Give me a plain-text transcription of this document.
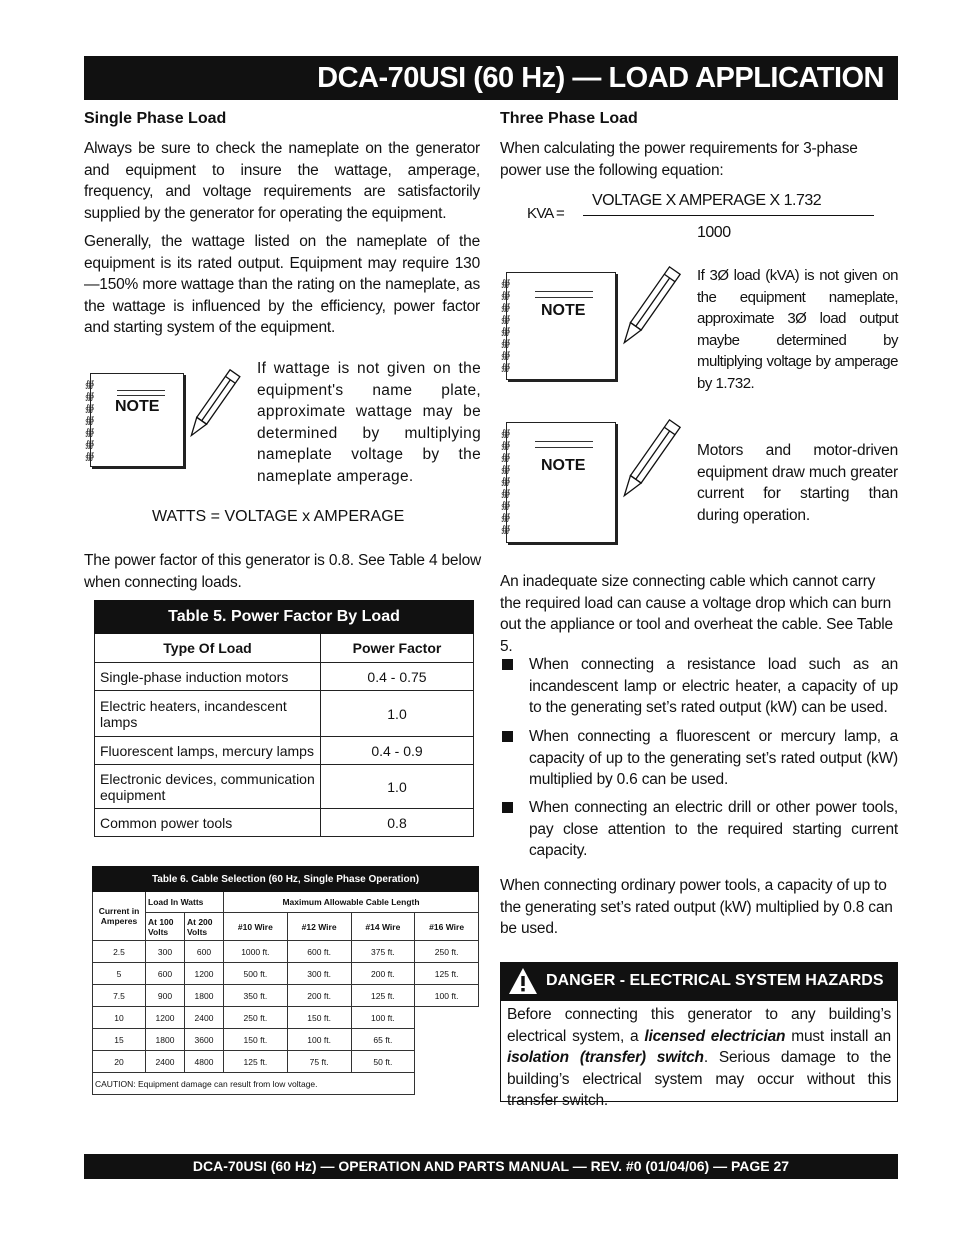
DCA-70USI (60 Hz) — LOAD APPLICATION
Single Phase Load
Always be sure to check the nameplate on the generator and equipment to insure the wattage, amperage, frequency, and voltage requirements are satisfactorily supplied by the generator for operating the equipment.
Generally, the wattage listed on the nameplate of the equipment is its rated output. Equipment may require 130—150% more wattage than the rating on the nameplate, as the wattage is influenced by the efficiency, power factor and starting system of the equipment.
∰
∰
∰
∰
∰
∰
∰
NOTE
If wattage is not given on the equipment's name plate, approximate wattage may be determined by multiplying nameplate voltage by the nameplate amperage.
WATTS = VOLTAGE x AMPERAGE
The power factor of this generator is 0.8. See Table 4 below when connecting loads.
Table 5. Power Factor By Load	
Type Of Load	Power Factor
Single-phase induction motors	0.4 - 0.75
Electric heaters, incandescent lamps	1.0
Fluorescent lamps, mercury lamps	0.4 - 0.9
Electronic devices, communication equipment	1.0
Common power tools	0.8
Table 6. Cable Selection (60 Hz, Single Phase Operation)						
Current in Amperes	Load In Watts		Maximum Allowable Cable Length			
	At 100 Volts	At 200 Volts	#10 Wire	#12 Wire	#14 Wire	#16 Wire
2.5	300	600	1000 ft.	600 ft.	375 ft.	250 ft.
5	600	1200	500 ft.	300 ft.	200 ft.	125 ft.
7.5	900	1800	350 ft.	200 ft.	125 ft.	100 ft.
10	1200	2400	250 ft.	150 ft.	100 ft.	
15	1800	3600	150 ft.	100 ft.	65 ft.	
20	2400	4800	125 ft.	75 ft.	50 ft.	
CAUTION: Equipment damage can result from low voltage.						
Three Phase Load
When calculating the power requirements for 3-phase power use the following equation:
KVA =
VOLTAGE X AMPERAGE X 1.732
1000
∰
∰
∰
∰
∰
∰
∰
∰
NOTE
If 3Ø load (kVA) is not given on the equipment nameplate, approximate 3Ø load output maybe determined by multiplying voltage by amperage by 1.732.
∰
∰
∰
∰
∰
∰
∰
∰
∰
NOTE
Motors and motor-driven equipment draw much greater current for starting than during operation.
An inadequate size connecting cable which cannot carry the required load can cause a voltage drop which can burn out the appliance or tool and overheat the cable. See Table 5.
When connecting a resistance load such as an incandescent lamp or electric heater, a capacity of up to the generating set’s rated output (kW) can be used.
When connecting a fluorescent or mercury lamp, a capacity of up to the generating set’s rated output (kW) multiplied by 0.6 can be used.
When connecting an electric drill or other power tools, pay close attention to the required starting current capacity.
When connecting ordinary power tools, a capacity of up to the generating set’s rated output (kW) multiplied by 0.8 can be used.
DANGER - ELECTRICAL SYSTEM HAZARDS
Before connecting this generator to any building’s electrical system, a licensed electrician must install an isolation (transfer) switch. Serious damage to the building’s electrical system may occur without this transfer switch.
DCA-70USI (60 Hz) — OPERATION AND PARTS MANUAL — REV. #0 (01/04/06) — PAGE 27
